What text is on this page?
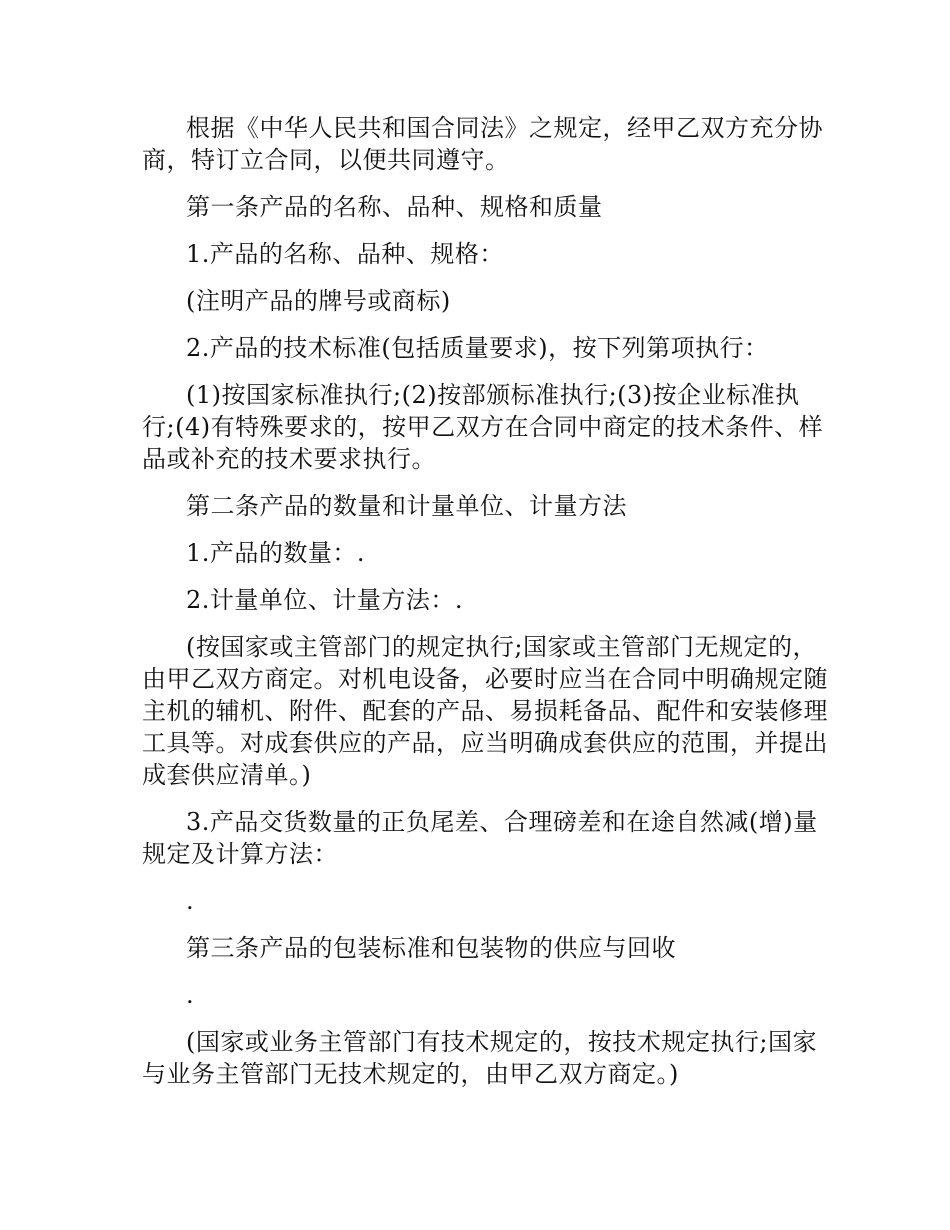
根据《中华人民共和国合同法》之规定，经甲乙双方充分协商，特订立合同，以便共同遵守。

第一条产品的名称、品种、规格和质量

1.产品的名称、品种、规格：

(注明产品的牌号或商标)

2.产品的技术标准(包括质量要求)，按下列第项执行：

(1)按国家标准执行;(2)按部颁标准执行;(3)按企业标准执行;(4)有特殊要求的，按甲乙双方在合同中商定的技术条件、样品或补充的技术要求执行。

第二条产品的数量和计量单位、计量方法

1.产品的数量：.

2.计量单位、计量方法：.

(按国家或主管部门的规定执行;国家或主管部门无规定的，由甲乙双方商定。对机电设备，必要时应当在合同中明确规定随主机的辅机、附件、配套的产品、易损耗备品、配件和安装修理工具等。对成套供应的产品，应当明确成套供应的范围，并提出成套供应清单。)

3.产品交货数量的正负尾差、合理磅差和在途自然减(增)量规定及计算方法：

.

第三条产品的包装标准和包装物的供应与回收

.

(国家或业务主管部门有技术规定的，按技术规定执行;国家与业务主管部门无技术规定的，由甲乙双方商定。)
